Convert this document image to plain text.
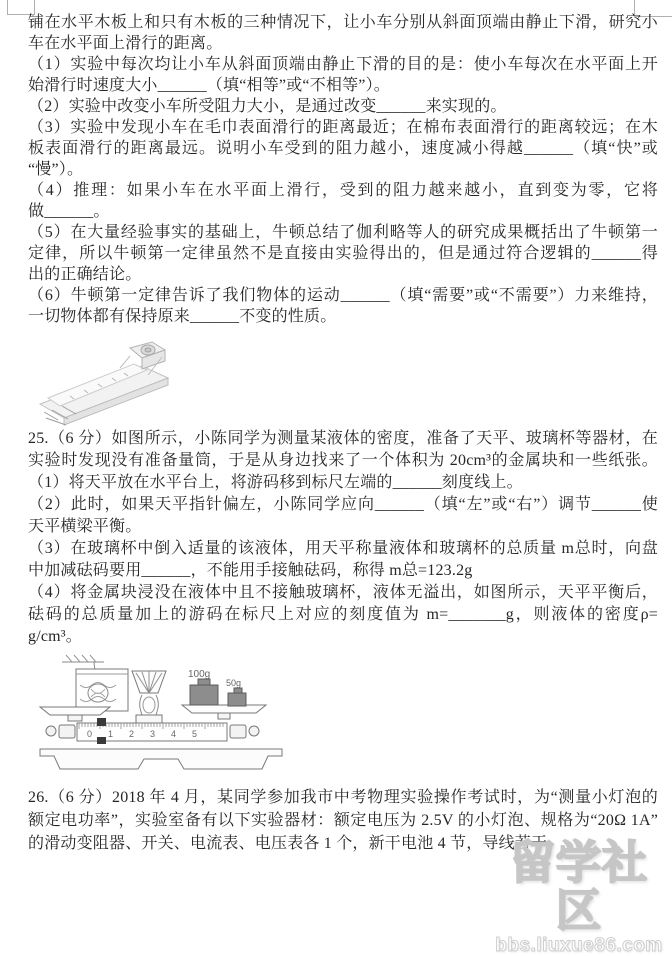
铺在水平木板上和只有木板的三种情况下，让小车分别从斜面顶端由静止下滑，研究小
车在水平面上滑行的距离。
（1）实验中每次均让小车从斜面顶端由静止下滑的目的是：使小车每次在水平面上开
始滑行时速度大小______（填“相等”或“不相等”）。
（2）实验中改变小车所受阻力大小，是通过改变______来实现的。
（3）实验中发现小车在毛巾表面滑行的距离最近；在棉布表面滑行的距离较远；在木
板表面滑行的距离最远。说明小车受到的阻力越小，速度减小得越______（填“快”或
“慢”）。
（4）推理：如果小车在水平面上滑行，受到的阻力越来越小，直到变为零，它将
做______。
（5）在大量经验事实的基础上，牛顿总结了伽利略等人的研究成果概括出了牛顿第一
定律，所以牛顿第一定律虽然不是直接由实验得出的，但是通过符合逻辑的______得
出的正确结论。
（6）牛顿第一定律告诉了我们物体的运动______（填“需要”或“不需要”）力来维持，
一切物体都有保持原来______不变的性质。
25.（6 分）如图所示，小陈同学为测量某液体的密度，准备了天平、玻璃杯等器材，在
实验时发现没有准备量筒，于是从身边找来了一个体积为 20cm³的金属块和一些纸张。
（1）将天平放在水平台上，将游码移到标尺左端的______刻度线上。
（2）此时，如果天平指针偏左，小陈同学应向______（填“左”或“右”）调节______使
天平横梁平衡。
（3）在玻璃杯中倒入适量的该液体，用天平称量液体和玻璃杯的总质量 m总时，向盘
中加减砝码要用______，不能用手接触砝码，称得 m总=123.2g
（4）将金属块浸没在液体中且不接触玻璃杯，液体无溢出，如图所示，天平平衡后，
砝码的总质量加上的游码在标尺上对应的刻度值为 m=_______g，则液体的密度ρ=
g/cm³。
100g
50g
0 1 2 3 4 5
26.（6 分）2018 年 4 月，某同学参加我市中考物理实验操作考试时，为“测量小灯泡的
额定电功率”，实验室备有以下实验器材：额定电压为 2.5V 的小灯泡、规格为“20Ω 1A”
的滑动变阻器、开关、电流表、电压表各 1 个，新干电池 4 节，导线若干。
留学社区
bbs.liuxue86.com
